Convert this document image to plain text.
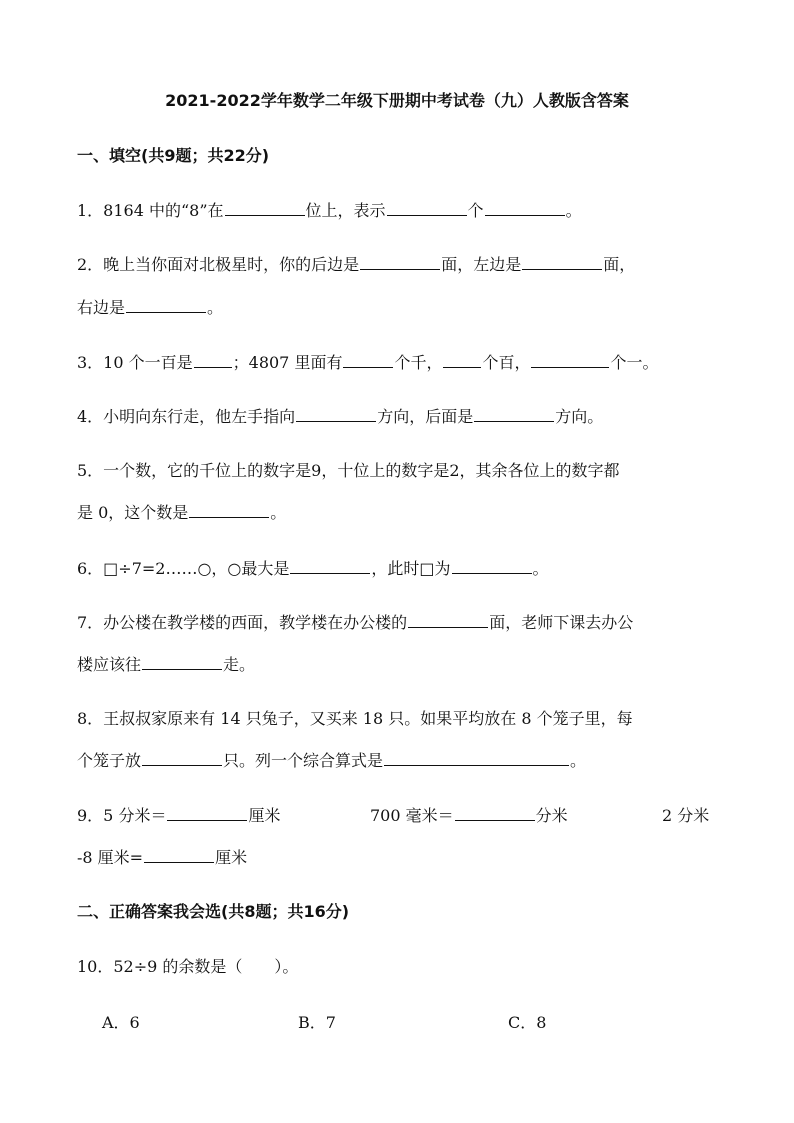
2021-2022学年数学二年级下册期中考试卷（九）人教版含答案
一、填空(共9题；共22分)
1．8164 中的“8”在	位上，表示	个	。
2．晚上当你面对北极星时，你的后边是	面，左边是	面，
右边是	。
3．10 个一百是	；4807 里面有	个千，	个百，	个一。
4．小明向东行走，他左手指向	方向，后面是	方向。
5．一个数，它的千位上的数字是9，十位上的数字是2，其余各位上的数字都
是 0，这个数是	。
6．□÷7=2……○，○最大是	，此时□为	。
7．办公楼在教学楼的西面，教学楼在办公楼的	面，老师下课去办公
楼应该往	走。
8．王叔叔家原来有 14 只兔子，又买来 18 只。如果平均放在 8 个笼子里，每
个笼子放	只。列一个综合算式是	。
9．5 分米＝	厘米	700 毫米＝	分米	2 分米
-8 厘米=	厘米
二、正确答案我会选(共8题；共16分)
10．52÷9 的余数是（　　）。
A．6	B．7	C．8
